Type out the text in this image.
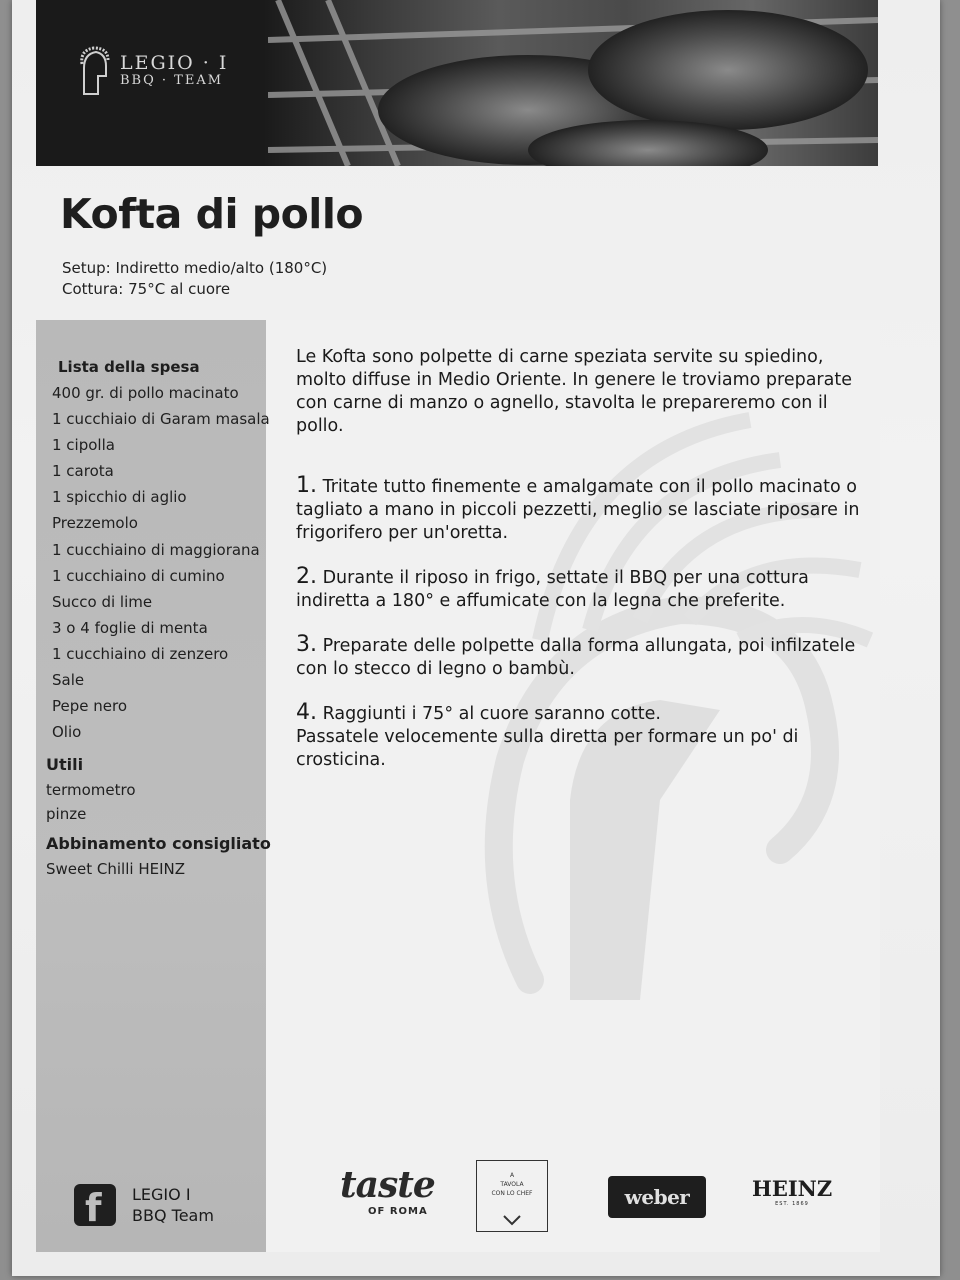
LEGIO · I
BBQ · TEAM
Kofta di pollo
Setup: Indiretto medio/alto (180°C)
Cottura: 75°C al cuore
Lista della spesa
400 gr. di pollo macinato
1 cucchiaio di Garam masala
1 cipolla
1 carota
1 spicchio di aglio
Prezzemolo
1 cucchiaino di maggiorana
1 cucchiaino di cumino
Succo di lime
3 o 4 foglie di menta
1 cucchiaino di zenzero
Sale
Pepe nero
Olio
Utili
termometro
pinze
Abbinamento consigliato
Sweet Chilli HEINZ

Le Kofta sono polpette di carne speziata servite su spiedino, molto diffuse in Medio Oriente. In genere le troviamo preparate con carne di manzo o agnello, stavolta le prepareremo con il pollo.

1. Tritate tutto finemente e amalgamate con il pollo macinato o tagliato a mano in piccoli pezzetti, meglio se lasciate riposare in frigorifero per un'oretta.
2. Durante il riposo in frigo, settate il BBQ per una cottura indiretta a 180° e affumicate con la legna che preferite.
3. Preparate delle polpette dalla forma allungata, poi infilzatele con lo stecco di legno o bambù.
4. Raggiunti i 75° al cuore saranno cotte.
Passatele velocemente sulla diretta per formare un po' di crosticina.
f LEGIO I
BBQ Team
taste
OF ROMA
A
TAVOLA
CON LO CHEF	weber	HEINZ
EST. 1869
